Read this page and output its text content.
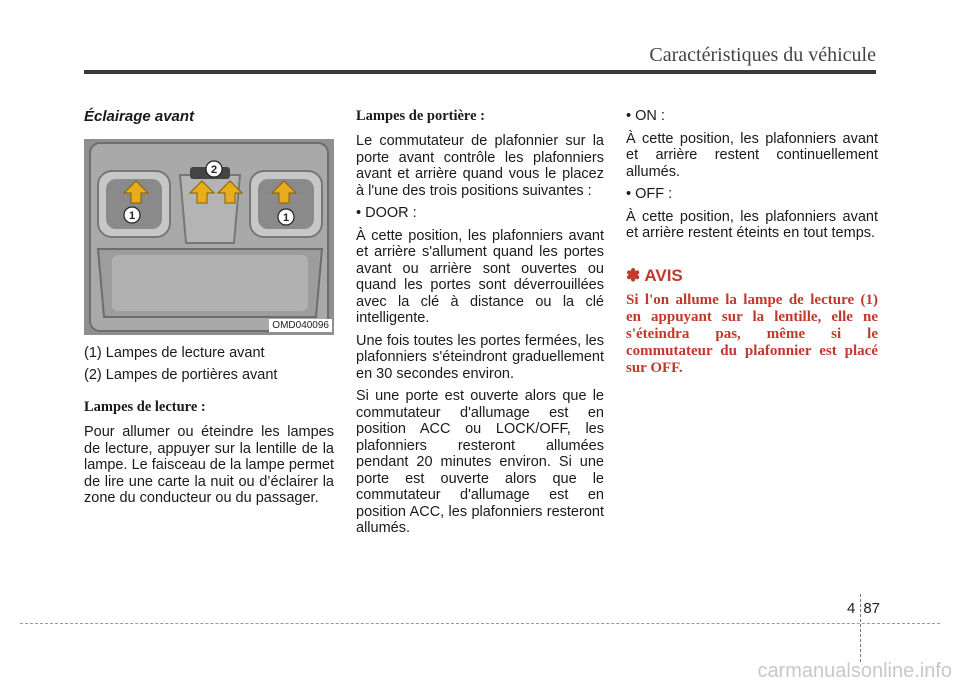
Caractéristiques du véhicule
Éclairage avant
1	1
2
OMD040096
(1) Lampes de lecture avant
(2) Lampes de portières avant
Lampes de lecture :

Pour allumer ou éteindre les lampes de lecture, appuyer sur la lentille de la lampe. Le faisceau de la lampe permet de lire une carte la nuit ou d’éclairer la zone du conducteur ou du passager.

Lampes de portière :

Le commutateur de plafonnier sur la porte avant contrôle les plafonniers avant et arrière quand vous le placez à l'une des trois positions suivantes :

• DOOR :

À cette position, les plafonniers avant et arrière s'allument quand les portes avant ou arrière sont ouvertes ou quand les portes sont déverrouillées avec la clé à distance ou la clé intelligente.

Une fois toutes les portes fermées, les plafonniers s'éteindront graduellement en 30 secondes environ.

Si une porte est ouverte alors que le commutateur d'allumage est en position ACC ou LOCK/OFF, les plafonniers resteront allumées pendant 20 minutes environ. Si une porte est ouverte alors que le commutateur d'allumage est en position ACC, les plafonniers resteront allumés.

• ON :

À cette position, les plafonniers avant et arrière restent continuellement allumés.

• OFF :

À cette position, les plafonniers avant et arrière restent éteints en tout temps.

✽ AVIS

Si l'on allume la lampe de lecture (1) en appuyant sur la lentille, elle ne s'éteindra pas, même si le commutateur du plafonnier est placé sur OFF.

4 87
carmanualsonline.info
